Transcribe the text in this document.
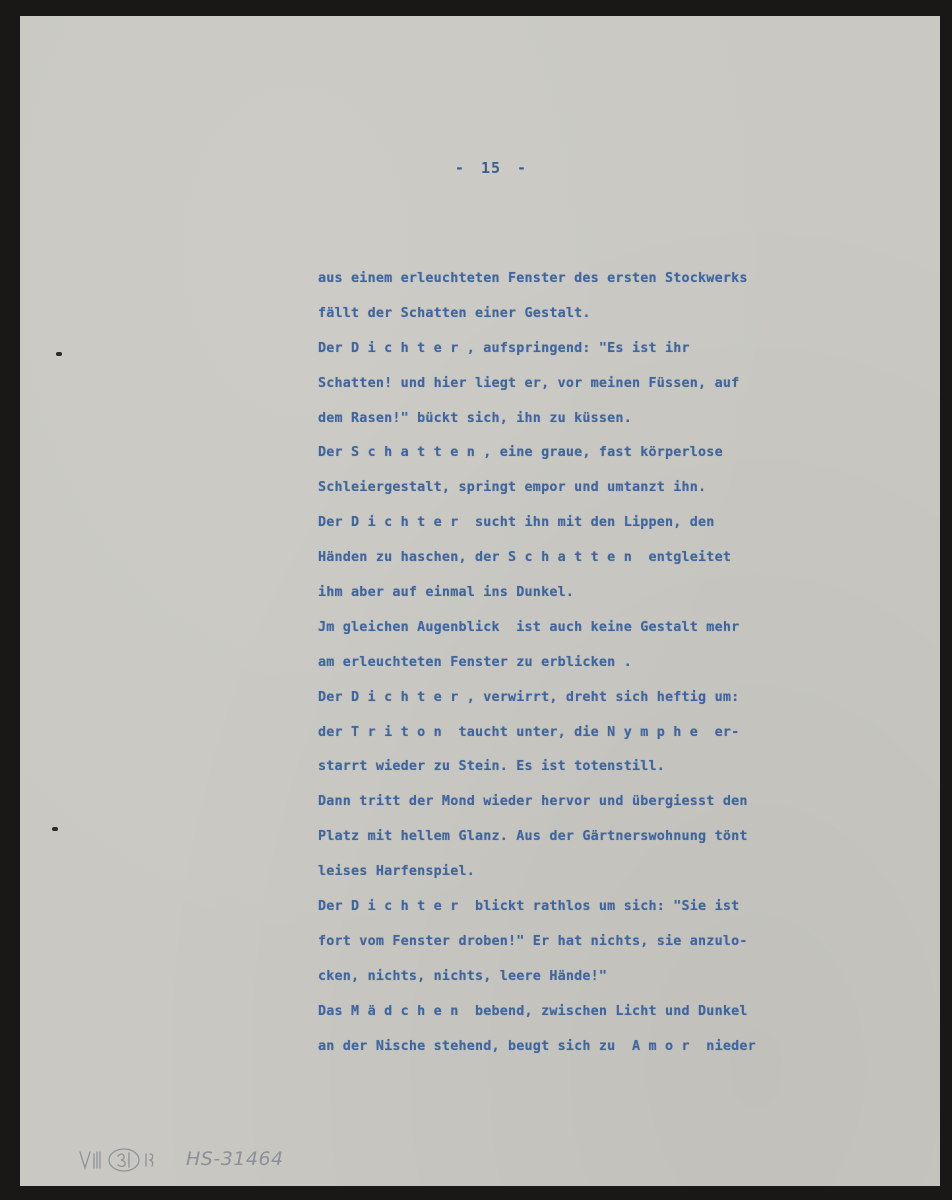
- 15 -
aus einem erleuchteten Fenster des ersten Stockwerks
fällt der Schatten einer Gestalt.
Der D i c h t e r , aufspringend: "Es ist ihr
Schatten! und hier liegt er, vor meinen Füssen, auf
dem Rasen!" bückt sich, ihn zu küssen.
Der S c h a t t e n , eine graue, fast körperlose
Schleiergestalt, springt empor und umtanzt ihn.
Der D i c h t e r  sucht ihn mit den Lippen, den
Händen zu haschen, der S c h a t t e n  entgleitet
ihm aber auf einmal ins Dunkel.
Jm gleichen Augenblick  ist auch keine Gestalt mehr
am erleuchteten Fenster zu erblicken .
Der D i c h t e r , verwirrt, dreht sich heftig um:
der T r i t o n  taucht unter, die N y m p h e  er-
starrt wieder zu Stein. Es ist totenstill.
Dann tritt der Mond wieder hervor und übergiesst den
Platz mit hellem Glanz. Aus der Gärtnerswohnung tönt
leises Harfenspiel.
Der D i c h t e r  blickt rathlos um sich: "Sie ist
fort vom Fenster droben!" Er hat nichts, sie anzulo-
cken, nichts, nichts, leere Hände!"
Das M ä d c h e n  bebend, zwischen Licht und Dunkel
an der Nische stehend, beugt sich zu  A m o r  nieder
HS-31464
